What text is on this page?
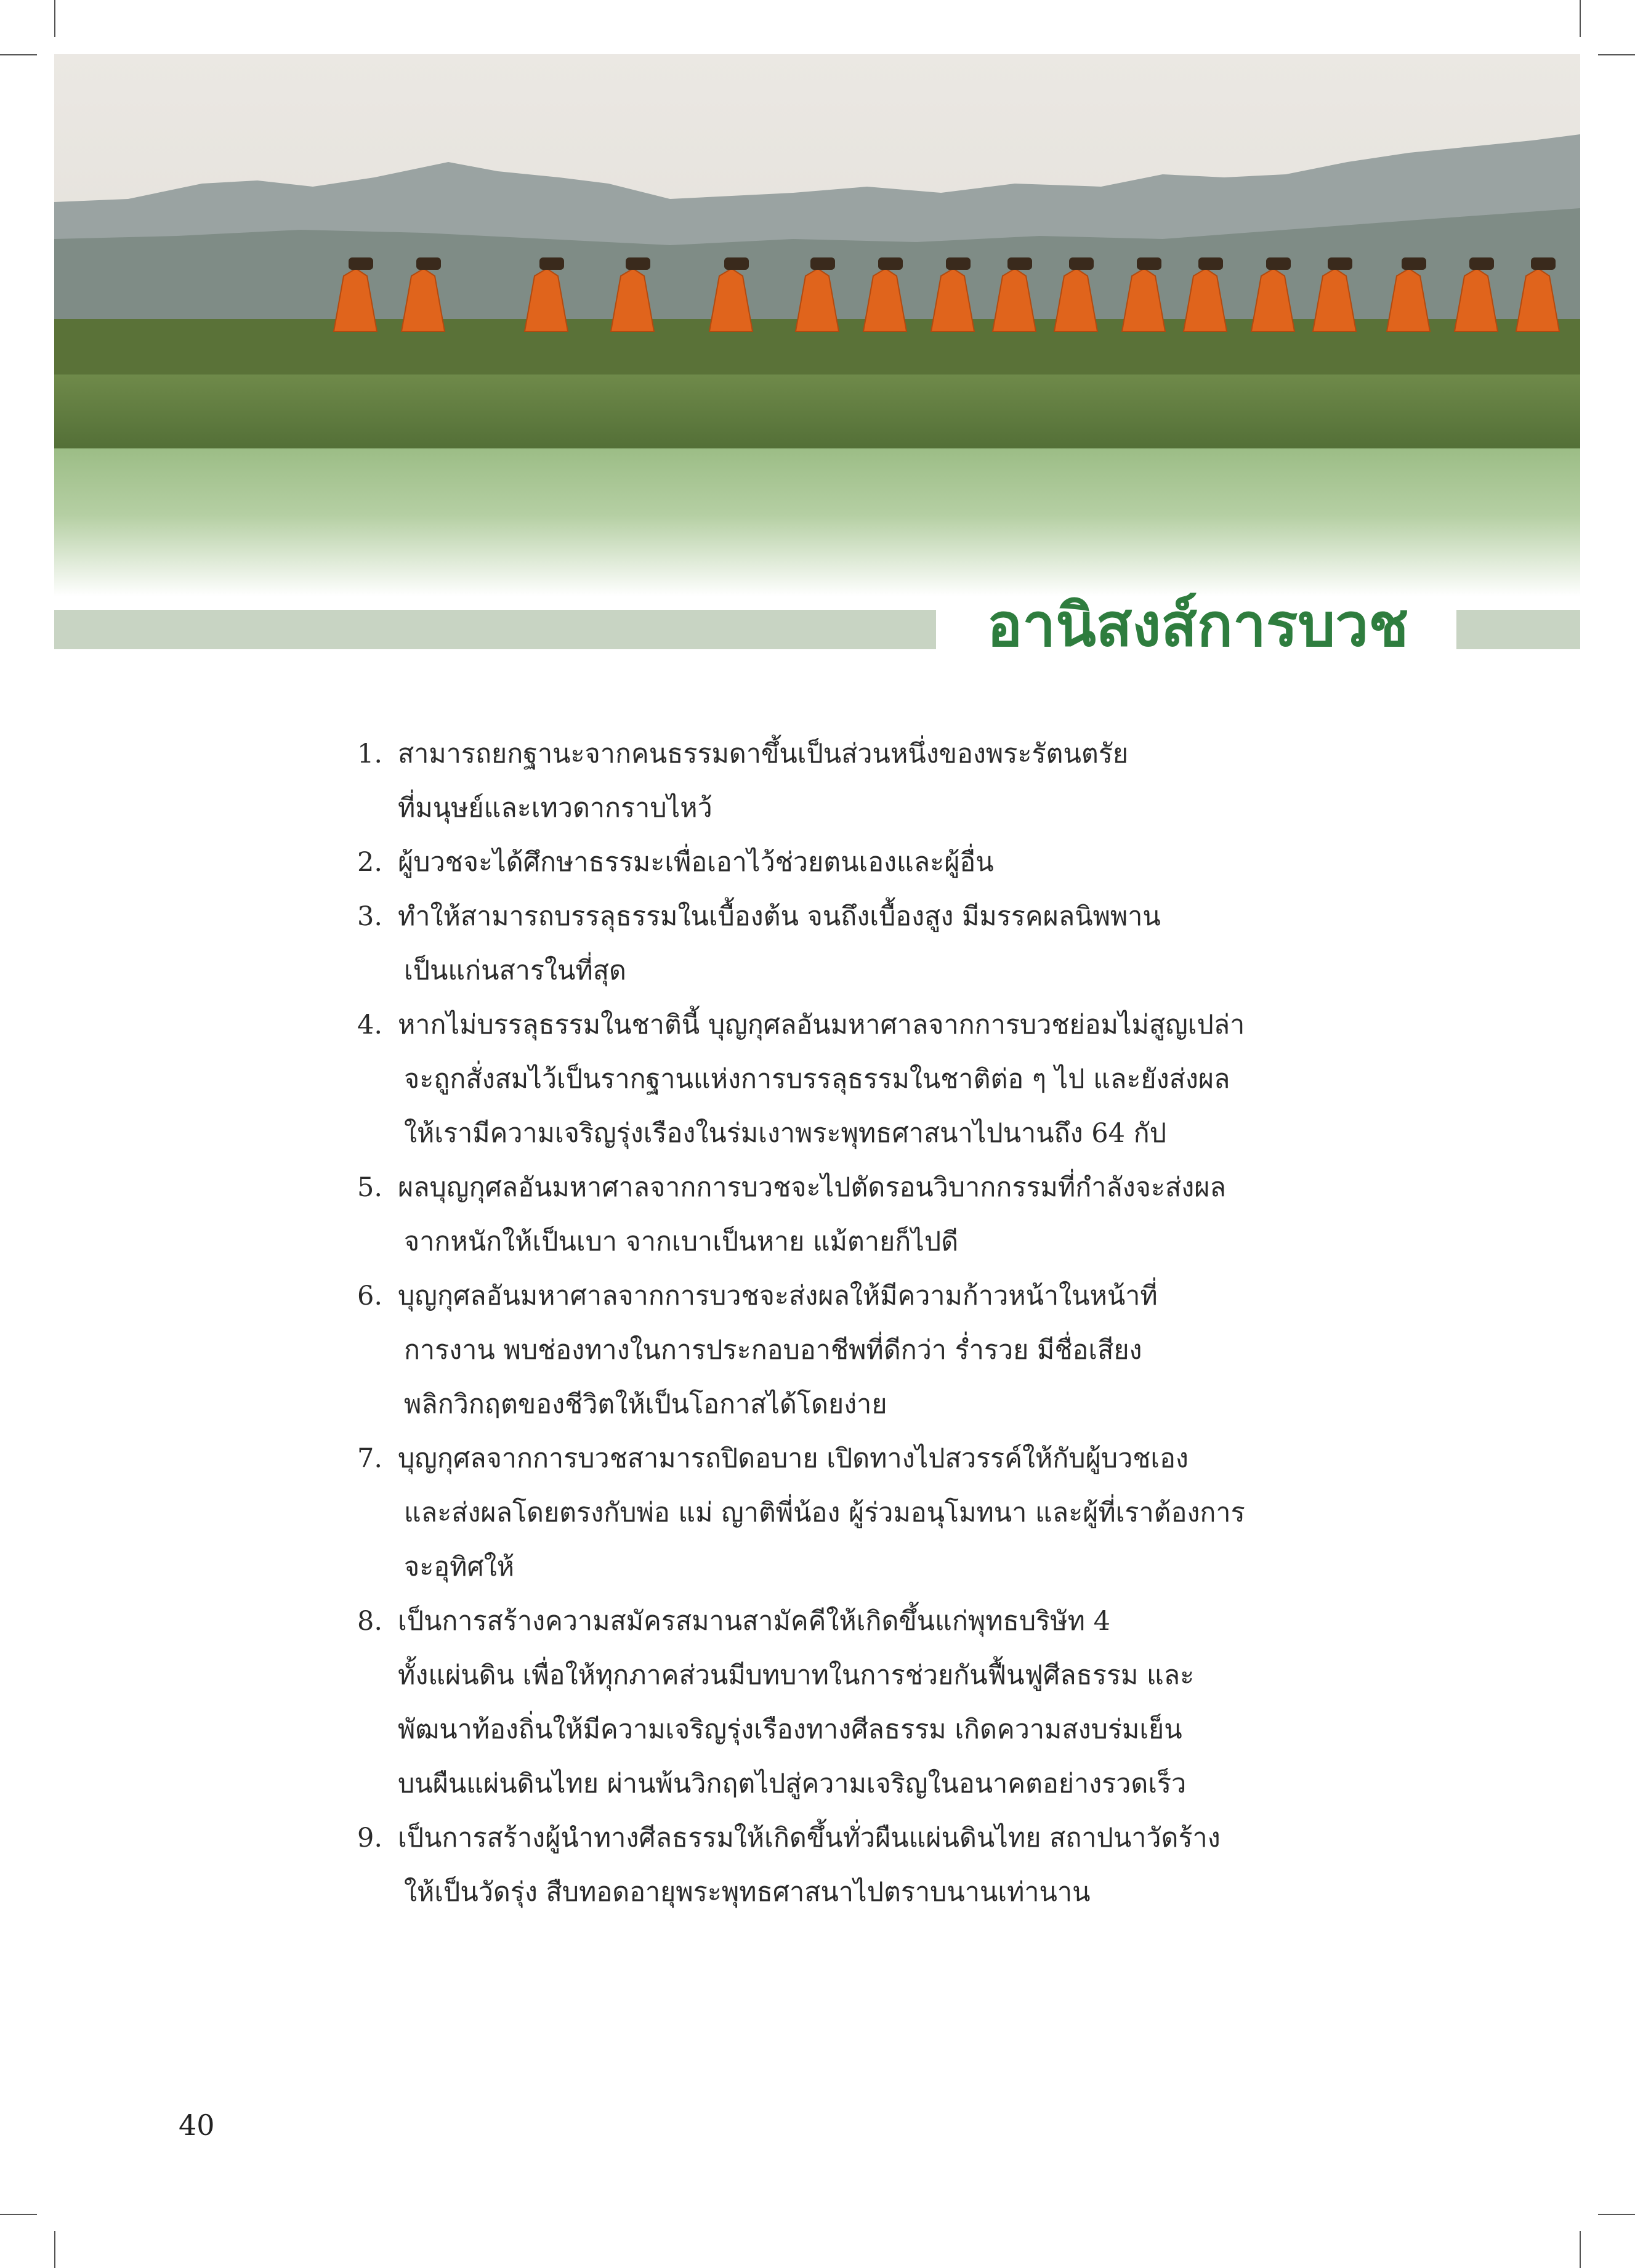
อานิสงส์การบวช
1. สามารถยกฐานะจากคนธรรมดาขึ้นเป็นส่วนหนึ่งของพระรัตนตรัย
ที่มนุษย์และเทวดากราบไหว้
2. ผู้บวชจะได้ศึกษาธรรมะเพื่อเอาไว้ช่วยตนเองและผู้อื่น
3. ทำให้สามารถบรรลุธรรมในเบื้องต้น จนถึงเบื้องสูง มีมรรคผลนิพพาน
เป็นแก่นสารในที่สุด
4. หากไม่บรรลุธรรมในชาตินี้ บุญกุศลอันมหาศาลจากการบวชย่อมไม่สูญเปล่า
จะถูกสั่งสมไว้เป็นรากฐานแห่งการบรรลุธรรมในชาติต่อ ๆ ไป และยังส่งผล
ให้เรามีความเจริญรุ่งเรืองในร่มเงาพระพุทธศาสนาไปนานถึง 64 กัป
5. ผลบุญกุศลอันมหาศาลจากการบวชจะไปตัดรอนวิบากกรรมที่กำลังจะส่งผล
จากหนักให้เป็นเบา จากเบาเป็นหาย แม้ตายก็ไปดี
6. บุญกุศลอันมหาศาลจากการบวชจะส่งผลให้มีความก้าวหน้าในหน้าที่
การงาน พบช่องทางในการประกอบอาชีพที่ดีกว่า ร่ำรวย มีชื่อเสียง
พลิกวิกฤตของชีวิตให้เป็นโอกาสได้โดยง่าย
7. บุญกุศลจากการบวชสามารถปิดอบาย เปิดทางไปสวรรค์ให้กับผู้บวชเอง
และส่งผลโดยตรงกับพ่อ แม่ ญาติพี่น้อง ผู้ร่วมอนุโมทนา และผู้ที่เราต้องการ
จะอุทิศให้
8. เป็นการสร้างความสมัครสมานสามัคคีให้เกิดขึ้นแก่พุทธบริษัท 4
ทั้งแผ่นดิน เพื่อให้ทุกภาคส่วนมีบทบาทในการช่วยกันฟื้นฟูศีลธรรม และ
พัฒนาท้องถิ่นให้มีความเจริญรุ่งเรืองทางศีลธรรม เกิดความสงบร่มเย็น
บนผืนแผ่นดินไทย ผ่านพ้นวิกฤตไปสู่ความเจริญในอนาคตอย่างรวดเร็ว
9. เป็นการสร้างผู้นำทางศีลธรรมให้เกิดขึ้นทั่วผืนแผ่นดินไทย สถาปนาวัดร้าง
ให้เป็นวัดรุ่ง สืบทอดอายุพระพุทธศาสนาไปตราบนานเท่านาน
40
